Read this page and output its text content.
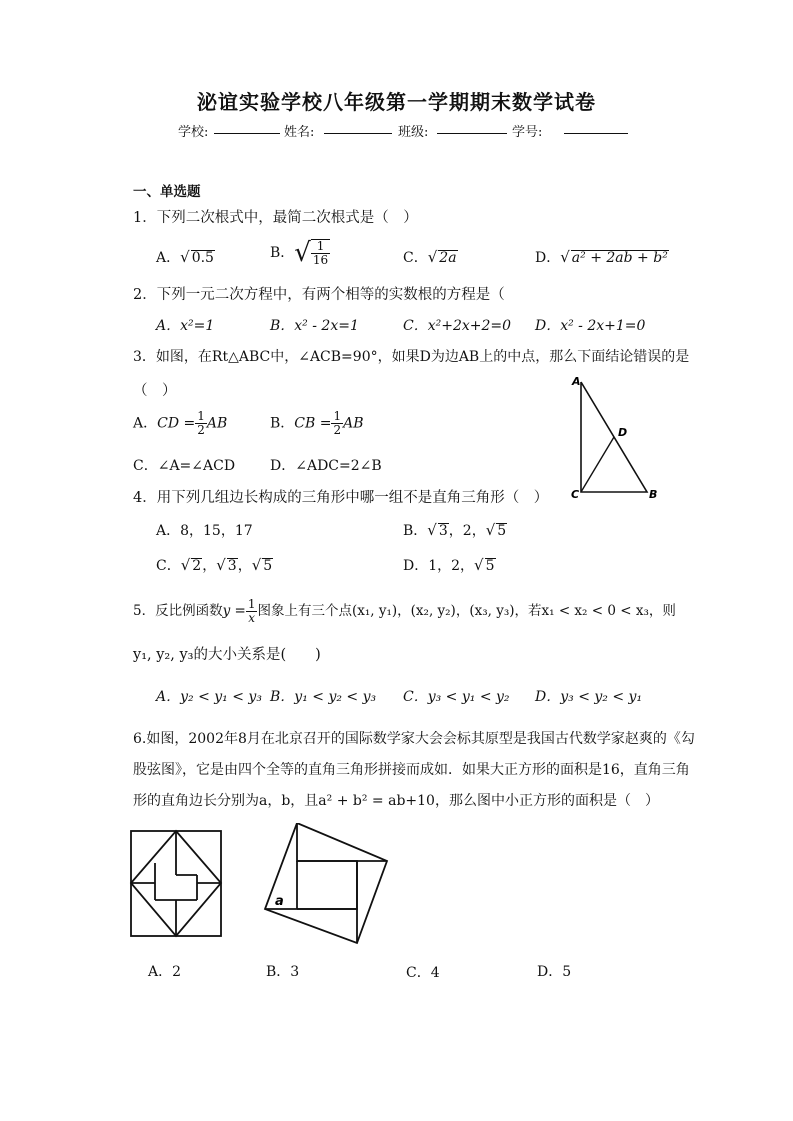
泌谊实验学校八年级第一学期期末数学试卷
学校:	姓名:	班级:	学号:
一、单选题
1．下列二次根式中，最简二次根式是（　）
A．√ 0.5	B．√ $\frac{1}{16}$	C．√ 2a	D．√ a² + 2ab + b²
2．下列一元二次方程中，有两个相等的实数根的方程是（
A．x²=1	B．x² - 2x=1	C．x²+2x+2=0 D．x² - 2x+1=0
3．如图，在Rt△ABC中，∠ACB=90°，如果D为边AB上的中点，那么下面结论错误的是
（　）
A．CD = $\frac{1}{2}$ AB	B．CB = $\frac{1}{2}$ AB
C．∠A=∠ACD D．∠ADC=2∠B
A
B
C
D
4．用下列几组边长构成的三角形中哪一组不是直角三角形（　）
A．8，15，17	B．√ 3，2，√ 5
C．√ 2，√ 3，√ 5	D．1，2，√ 5
5．反比例函数$y = \frac{1}{x}$ 图象上有三个点(x₁, y₁)，(x₂, y₂)，(x₃, y₃)，若x₁ < x₂ < 0 < x₃，则
y₁, y₂, y₃的大小关系是(　　)
A．y₂ < y₁ < y₃ B．y₁ < y₂ < y₃ C．y₃ < y₁ < y₂ D．y₃ < y₂ < y₁
6.如图，2002年8月在北京召开的国际数学家大会会标其原型是我国古代数学家赵爽的《勾
股弦图》，它是由四个全等的直角三角形拼接而成如．如果大正方形的面积是16，直角三角
形的直角边长分别为a，b，且a² + b² = ab+10，那么图中小正方形的面积是（　）
a
A．2	B．3	C．4	D．5
